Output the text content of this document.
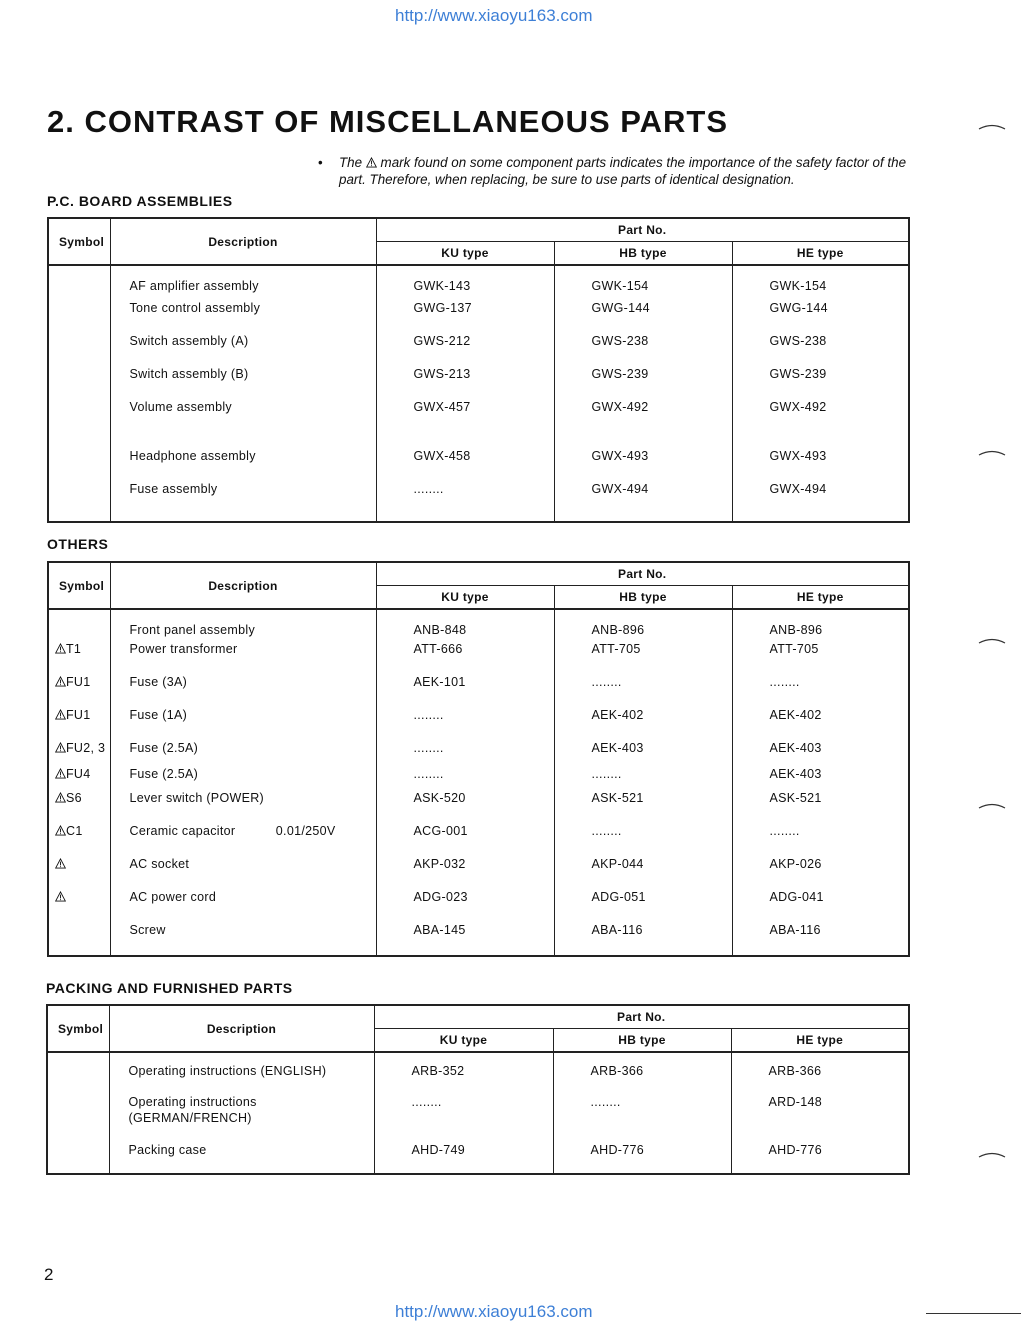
http://www.xiaoyu163.com
2. CONTRAST OF MISCELLANEOUS PARTS
• The mark found on some component parts indicates the importance of the safety factor of the part. Therefore, when replacing, be sure to use parts of identical designation.
P.C. BOARD ASSEMBLIES
Symbol	Description	Part No.		
		KU type	HB type	HE type
	AF amplifier assembly	GWK-143	GWK-154	GWK-154
	Tone control assembly	GWG-137	GWG-144	GWG-144
	Switch assembly (A)	GWS-212	GWS-238	GWS-238
	Switch assembly (B)	GWS-213	GWS-239	GWS-239
	Volume assembly	GWX-457	GWX-492	GWX-492
	Headphone assembly	GWX-458	GWX-493	GWX-493
	Fuse assembly	........	GWX-494	GWX-494
OTHERS
Symbol	Description	Part No.		
		KU type	HB type	HE type
	Front panel assembly	ANB-848	ANB-896	ANB-896
T1	Power transformer	ATT-666	ATT-705	ATT-705
FU1	Fuse (3A)	AEK-101	........	........
FU1	Fuse (1A)	........	AEK-402	AEK-402
FU2, 3	Fuse (2.5A)	........	AEK-403	AEK-403
FU4	Fuse (2.5A)	........	........	AEK-403
S6	Lever switch (POWER)	ASK-520	ASK-521	ASK-521
C1	Ceramic capacitor 0.01/250V	ACG-001	........	........
	AC socket	AKP-032	AKP-044	AKP-026
	AC power cord	ADG-023	ADG-051	ADG-041
	Screw	ABA-145	ABA-116	ABA-116
PACKING AND FURNISHED PARTS
Symbol	Description	Part No.		
		KU type	HB type	HE type

	Operating instructions (ENGLISH)	ARB-352	ARB-366	ARB-366

	Operating instructions
(GERMAN/FRENCH)	........	........	ARD-148

	Packing case	AHD-749	AHD-776	AHD-776
2
http://www.xiaoyu163.com
